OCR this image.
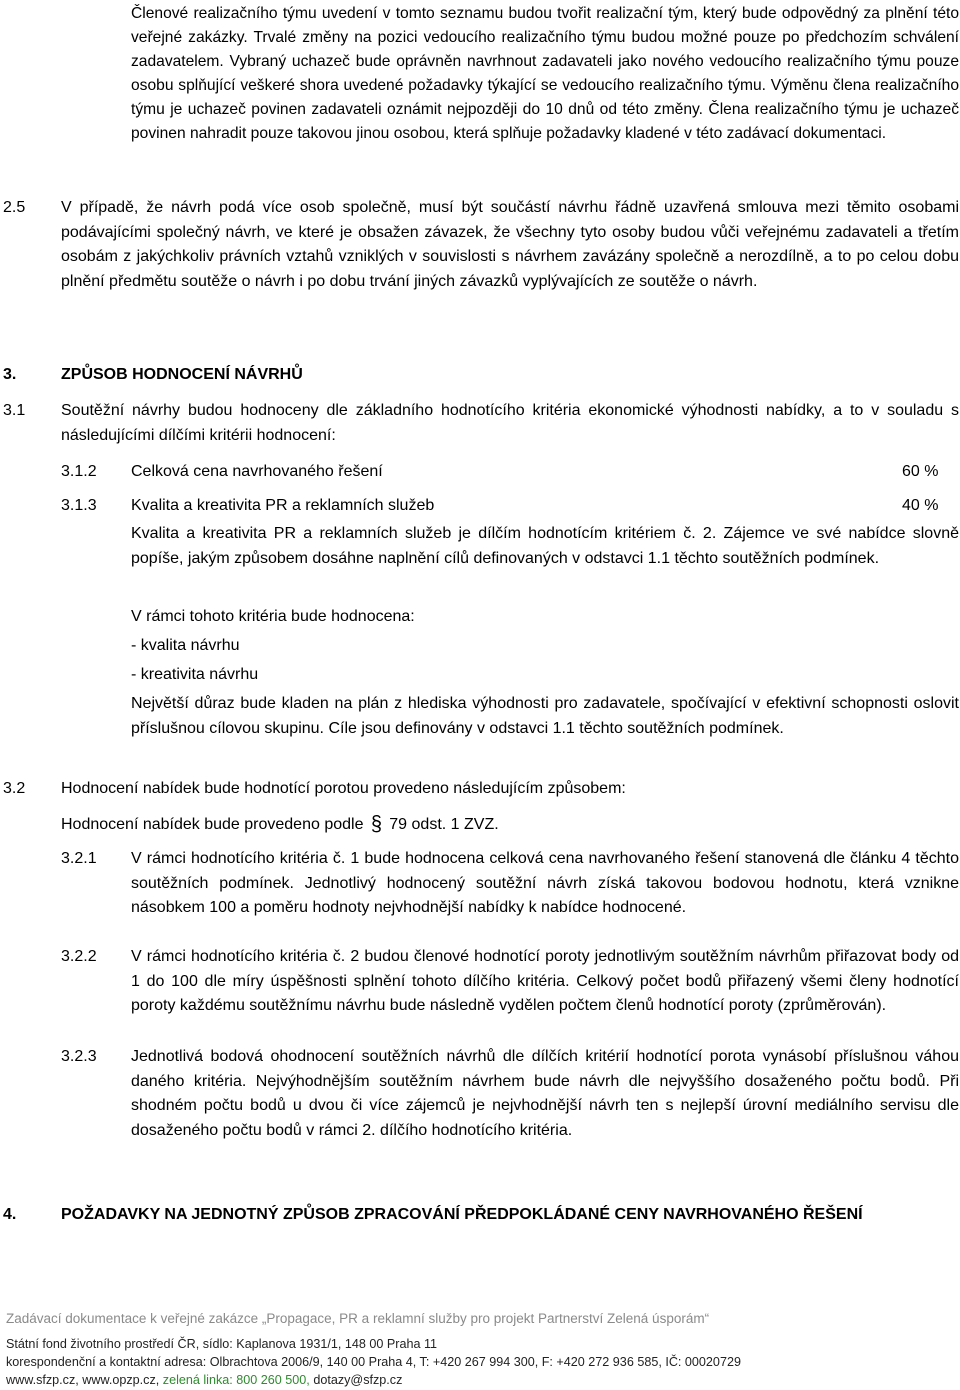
Členové realizačního týmu uvedení v tomto seznamu budou tvořit realizační tým, který bude odpovědný za plnění této veřejné zakázky. Trvalé změny na pozici vedoucího realizačního týmu budou možné pouze po předchozím schválení zadavatelem. Vybraný uchazeč bude oprávněn navrhnout zadavateli jako nového vedoucího realizačního týmu pouze osobu splňující veškeré shora uvedené požadavky týkající se vedoucího realizačního týmu. Výměnu člena realizačního týmu je uchazeč povinen zadavateli oznámit nejpozději do 10 dnů od této změny. Člena realizačního týmu je uchazeč povinen nahradit pouze takovou jinou osobou, která splňuje požadavky kladené v této zadávací dokumentaci.
2.5 V případě, že návrh podá více osob společně, musí být součástí návrhu řádně uzavřená smlouva mezi těmito osobami podávajícími společný návrh, ve které je obsažen závazek, že všechny tyto osoby budou vůči veřejnému zadavateli a třetím osobám z jakýchkoliv právních vztahů vzniklých v souvislosti s návrhem zavázány společně a nerozdílně, a to po celou dobu plnění předmětu soutěže o návrh i po dobu trvání jiných závazků vyplývajících ze soutěže o návrh.
3.	ZPŮSOB HODNOCENÍ NÁVRHŮ
3.1 Soutěžní návrhy budou hodnoceny dle základního hodnotícího kritéria ekonomické výhodnosti nabídky, a to v souladu s následujícími dílčími kritérii hodnocení:
3.1.2 Celková cena navrhovaného řešení	60 %
3.1.3 Kvalita a kreativita PR a reklamních služeb	40 %
Kvalita a kreativita PR a reklamních služeb je dílčím hodnotícím kritériem č. 2. Zájemce ve své nabídce slovně popíše, jakým způsobem dosáhne naplnění cílů definovaných v odstavci 1.1 těchto soutěžních podmínek.
V rámci tohoto kritéria bude hodnocena:
- kvalita návrhu
- kreativita návrhu
Největší důraz bude kladen na plán z hlediska výhodnosti pro zadavatele, spočívající v efektivní schopnosti oslovit příslušnou cílovou skupinu. Cíle jsou definovány v odstavci 1.1 těchto soutěžních podmínek.
3.2 Hodnocení nabídek bude hodnotící porotou provedeno následujícím způsobem:
Hodnocení nabídek bude provedeno podle § 79 odst. 1 ZVZ.
3.2.1 V rámci hodnotícího kritéria č. 1 bude hodnocena celková cena navrhovaného řešení stanovená dle článku 4 těchto soutěžních podmínek. Jednotlivý hodnocený soutěžní návrh získá takovou bodovou hodnotu, která vznikne násobkem 100 a poměru hodnoty nejvhodnější nabídky k nabídce hodnocené.
3.2.2 V rámci hodnotícího kritéria č. 2 budou členové hodnotící poroty jednotlivým soutěžním návrhům přiřazovat body od 1 do 100 dle míry úspěšnosti splnění tohoto dílčího kritéria. Celkový počet bodů přiřazený všemi členy hodnotící poroty každému soutěžnímu návrhu bude následně vydělen počtem členů hodnotící poroty (zprůměrován).
3.2.3 Jednotlivá bodová ohodnocení soutěžních návrhů dle dílčích kritérií hodnotící porota vynásobí příslušnou váhou daného kritéria. Nejvýhodnějším soutěžním návrhem bude návrh dle nejvyššího dosaženého počtu bodů. Při shodném počtu bodů u dvou či více zájemců je nejvhodnější návrh ten s nejlepší úrovní mediálního servisu dle dosaženého počtu bodů v rámci 2. dílčího hodnotícího kritéria.
4.	POŽADAVKY NA JEDNOTNÝ ZPŮSOB ZPRACOVÁNÍ PŘEDPOKLÁDANÉ CENY NAVRHOVANÉHO ŘEŠENÍ
Zadávací dokumentace k veřejné zakázce „Propagace, PR a reklamní služby pro projekt Partnerství Zelená úsporám“
Státní fond životního prostředí ČR, sídlo: Kaplanova 1931/1, 148 00 Praha 11
korespondenční a kontaktní adresa: Olbrachtova 2006/9, 140 00 Praha 4, T: +420 267 994 300, F: +420 272 936 585, IČ: 00020729
www.sfzp.cz, www.opzp.cz, zelená linka: 800 260 500, dotazy@sfzp.cz
